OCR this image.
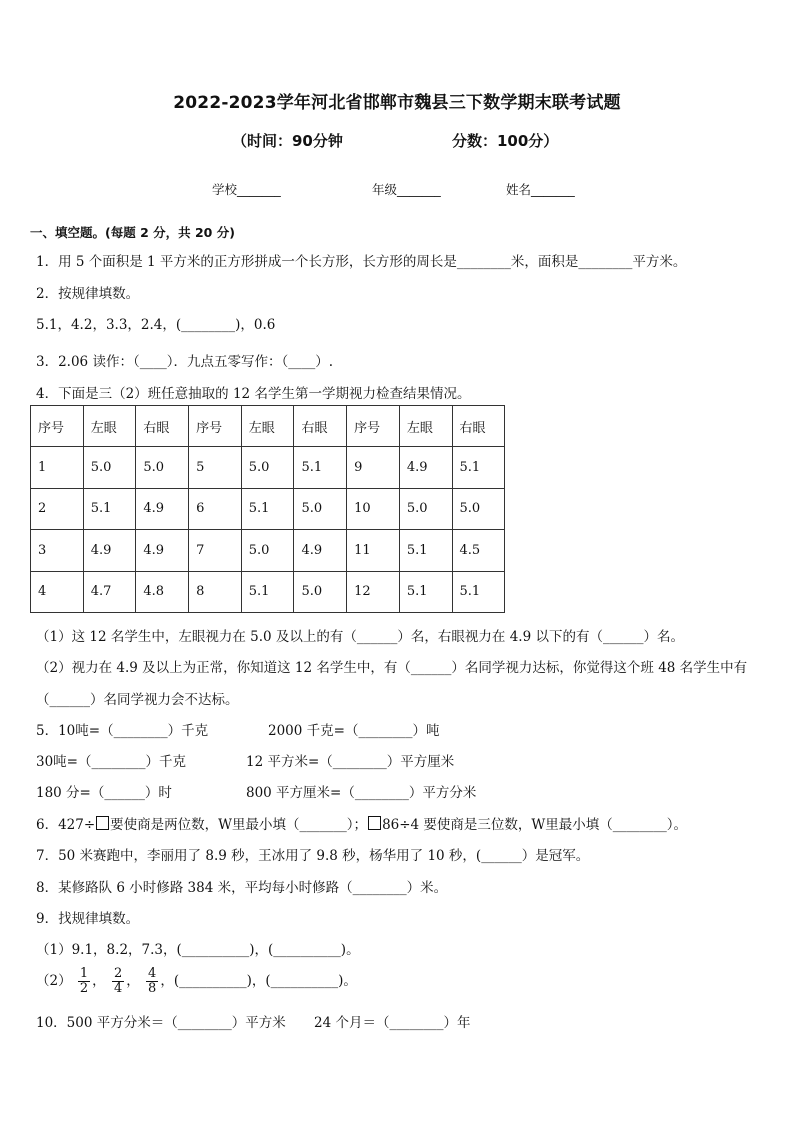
2022-2023学年河北省邯郸市魏县三下数学期末联考试题
（时间：90分钟	分数：100分）
学校_______	年级_______	姓名_______
一、填空题。(每题 2 分，共 20 分)
1．用 5 个面积是 1 平方米的正方形拼成一个长方形，长方形的周长是________米，面积是________平方米。
2．按规律填数。
5.1，4.2，3.3，2.4，(________)，0.6
3．2.06 读作：（____）．九点五零写作：（____）.
4．下面是三（2）班任意抽取的 12 名学生第一学期视力检查结果情况。
序号	左眼	右眼	序号	左眼	右眼	序号	左眼	右眼
1	5.0	5.0	5	5.0	5.1	9	4.9	5.1
2	5.1	4.9	6	5.1	5.0	10	5.0	5.0
3	4.9	4.9	7	5.0	4.9	11	5.1	4.5
4	4.7	4.8	8	5.1	5.0	12	5.1	5.1
（1）这 12 名学生中，左眼视力在 5.0 及以上的有（______）名，右眼视力在 4.9 以下的有（______）名。
（2）视力在 4.9 及以上为正常，你知道这 12 名学生中，有（______）名同学视力达标，你觉得这个班 48 名学生中有
（______）名同学视力会不达标。
5．10吨=（________）千克	2000 千克=（________）吨
30吨=（________）千克	12 平方米=（________）平方厘米
180 分=（______）时	800 平方厘米=（________）平方分米
6．427÷ 要使商是两位数，W里最小填（_______）； 86÷4 要使商是三位数，W里最小填（________）。
7．50 米赛跑中，李丽用了 8.9 秒，王冰用了 9.8 秒，杨华用了 10 秒，(______）是冠军。
8．某修路队 6 小时修路 384 米，平均每小时修路（________）米。
9．找规律填数。
（1）9.1，8.2，7.3，(__________)，(__________)。
$(2) \frac{1}{2}$ ， $\frac{2}{4}$ ， $\frac{4}{8}$ ，(__________)，(__________)。
10．500 平方分米＝（________）平方米 24 个月＝（________）年
